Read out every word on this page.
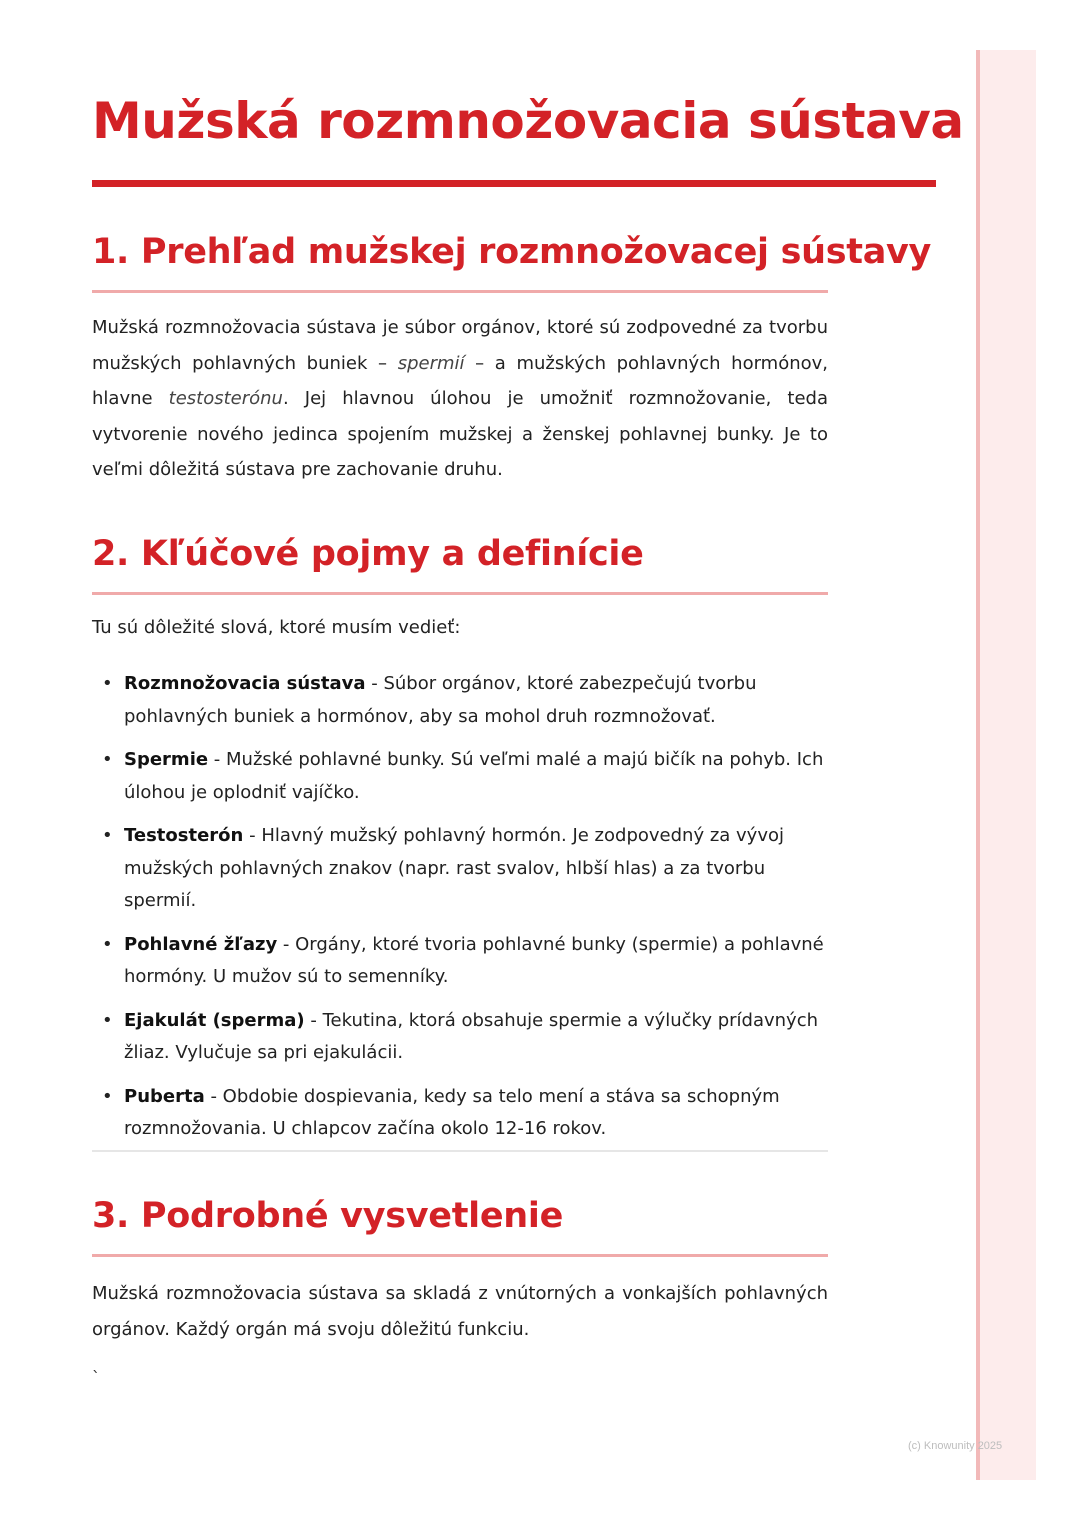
Mužská rozmnožovacia sústava
1. Prehľad mužskej rozmnožovacej sústavy

Mužská rozmnožovacia sústava je súbor orgánov, ktoré sú zodpovedné za tvorbu mužských pohlavných buniek – spermií – a mužských pohlavných hormónov, hlavne testosterónu. Jej hlavnou úlohou je umožniť rozmnožovanie, teda vytvorenie nového jedinca spojením mužskej a ženskej pohlavnej bunky. Je to veľmi dôležitá sústava pre zachovanie druhu.

2. Kľúčové pojmy a definície

Tu sú dôležité slová, ktoré musím vedieť:

• Rozmnožovacia sústava - Súbor orgánov, ktoré zabezpečujú tvorbu pohlavných buniek a hormónov, aby sa mohol druh rozmnožovať.
• Spermie - Mužské pohlavné bunky. Sú veľmi malé a majú bičík na pohyb. Ich úlohou je oplodniť vajíčko.
• Testosterón - Hlavný mužský pohlavný hormón. Je zodpovedný za vývoj mužských pohlavných znakov (napr. rast svalov, hlbší hlas) a za tvorbu spermií.
• Pohlavné žľazy - Orgány, ktoré tvoria pohlavné bunky (spermie) a pohlavné hormóny. U mužov sú to semenníky.
• Ejakulát (sperma) - Tekutina, ktorá obsahuje spermie a výlučky prídavných žliaz. Vylučuje sa pri ejakulácii.
• Puberta - Obdobie dospievania, kedy sa telo mení a stáva sa schopným rozmnožovania. U chlapcov začína okolo 12-16 rokov.
3. Podrobné vysvetlenie

Mužská rozmnožovacia sústava sa skladá z vnútorných a vonkajších pohlavných orgánov. Každý orgán má svoju dôležitú funkciu.

`

(c) Knowunity 2025
